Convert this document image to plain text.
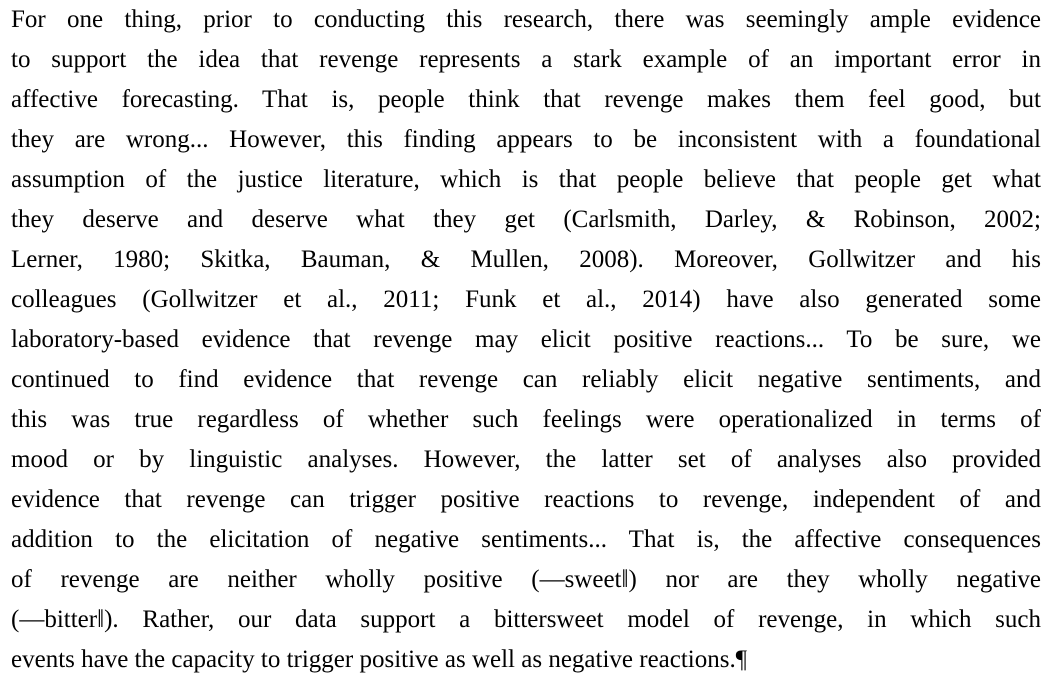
For one thing, prior to conducting this research, there was seemingly ample evidence
to support the idea that revenge represents a stark example of an important error in
affective forecasting. That is, people think that revenge makes them feel good, but
they are wrong... However, this finding appears to be inconsistent with a foundational
assumption of the justice literature, which is that people believe that people get what
they deserve and deserve what they get (Carlsmith, Darley, & Robinson, 2002;
Lerner, 1980; Skitka, Bauman, & Mullen, 2008). Moreover, Gollwitzer and his
colleagues (Gollwitzer et al., 2011; Funk et al., 2014) have also generated some
laboratory-based evidence that revenge may elicit positive reactions... To be sure, we
continued to find evidence that revenge can reliably elicit negative sentiments, and
this was true regardless of whether such feelings were operationalized in terms of
mood or by linguistic analyses. However, the latter set of analyses also provided
evidence that revenge can trigger positive reactions to revenge, independent of and
addition to the elicitation of negative sentiments... That is, the affective consequences
of revenge are neither wholly positive (—sweet‖) nor are they wholly negative
(—bitter‖). Rather, our data support a bittersweet model of revenge, in which such
events have the capacity to trigger positive as well as negative reactions.¶
